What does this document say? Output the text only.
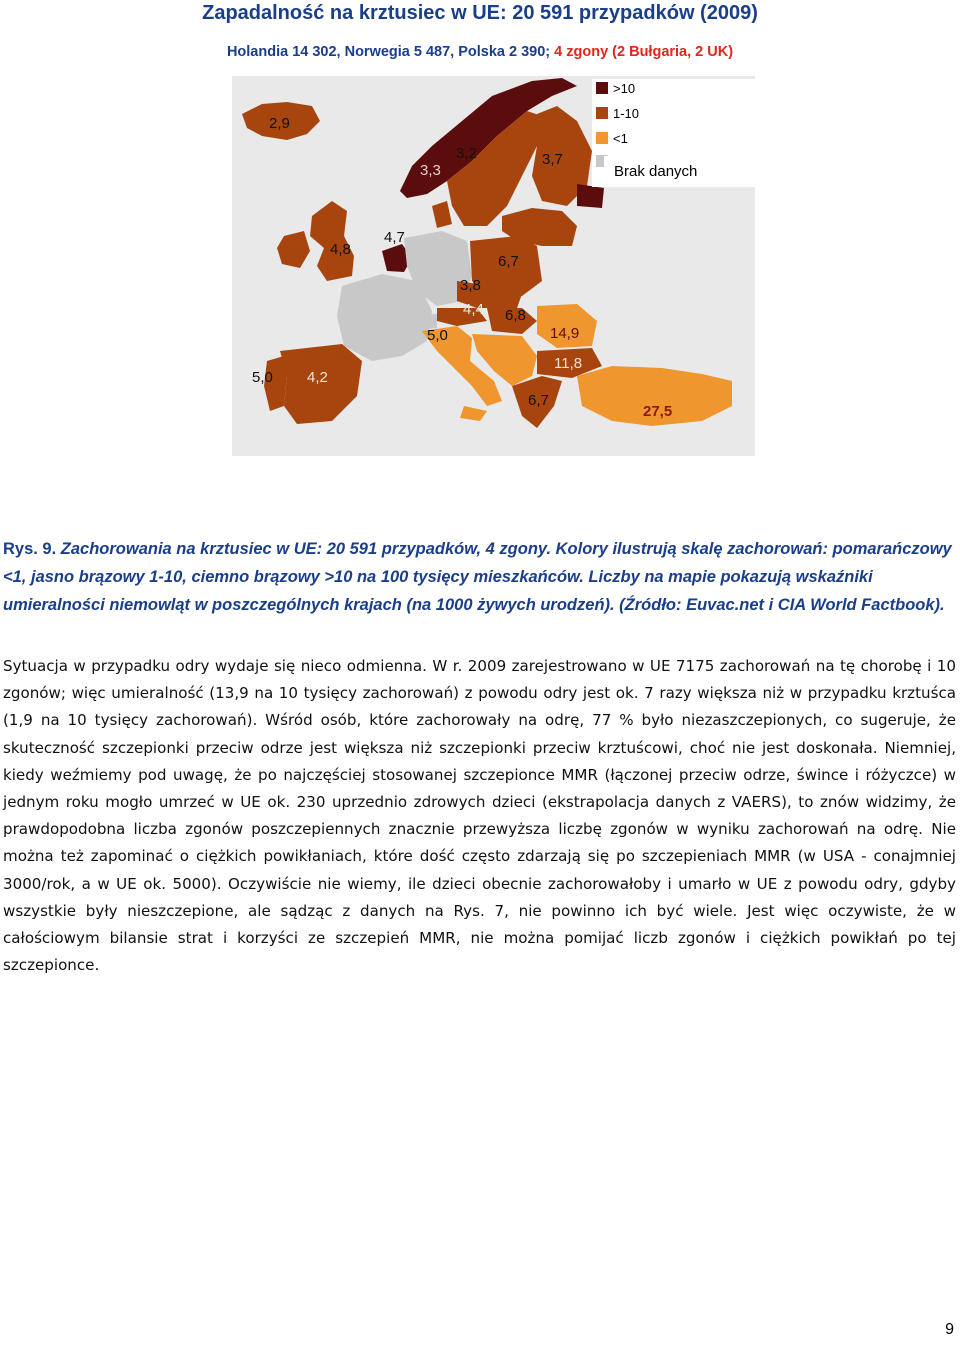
Zapadalność na krztusiec w UE: 20 591 przypadków (2009)
Holandia 14 302, Norwegia 5 487, Polska 2 390; 4 zgony (2 Bułgaria, 2 UK)
2,9
3,3
3,2	3,7
4,8
4,7
6,7
3,8
4,4 6,8
5,0	14,9
11,8
6,7
27,5
5,0 4,2
>10
1-10
<1
Brak danych

Rys. 9. Zachorowania na krztusiec w UE: 20 591 przypadków, 4 zgony. Kolory ilustrują skalę zachorowań: pomarańczowy <1, jasno brązowy 1-10, ciemno brązowy >10 na 100 tysięcy mieszkańców. Liczby na mapie pokazują wskaźniki umieralności niemowląt w poszczególnych krajach (na 1000 żywych urodzeń). (Źródło: Euvac.net i CIA World Factbook).

Sytuacja w przypadku odry wydaje się nieco odmienna. W r. 2009 zarejestrowano w UE 7175 zachorowań na tę chorobę i 10 zgonów; więc umieralność (13,9 na 10 tysięcy zachorowań) z powodu odry jest ok. 7 razy większa niż w przypadku krztuśca (1,9 na 10 tysięcy zachorowań). Wśród osób, które zachorowały na odrę, 77 % było niezaszczepionych, co sugeruje, że skuteczność szczepionki przeciw odrze jest większa niż szczepionki przeciw krztuścowi, choć nie jest doskonała. Niemniej, kiedy weźmiemy pod uwagę, że po najczęściej stosowanej szczepionce MMR (łączonej przeciw odrze, śwince i różyczce) w jednym roku mogło umrzeć w UE ok. 230 uprzednio zdrowych dzieci (ekstrapolacja danych z VAERS), to znów widzimy, że prawdopodobna liczba zgonów poszczepiennych znacznie przewyższa liczbę zgonów w wyniku zachorowań na odrę. Nie można też zapominać o ciężkich powikłaniach, które dość często zdarzają się po szczepieniach MMR (w USA - conajmniej 3000/rok, a w UE ok. 5000). Oczywiście nie wiemy, ile dzieci obecnie zachorowałoby i umarło w UE z powodu odry, gdyby wszystkie były nieszczepione, ale sądząc z danych na Rys. 7, nie powinno ich być wiele. Jest więc oczywiste, że w całościowym bilansie strat i korzyści ze szczepień MMR, nie można pomijać liczb zgonów i ciężkich powikłań po tej szczepionce.

9
